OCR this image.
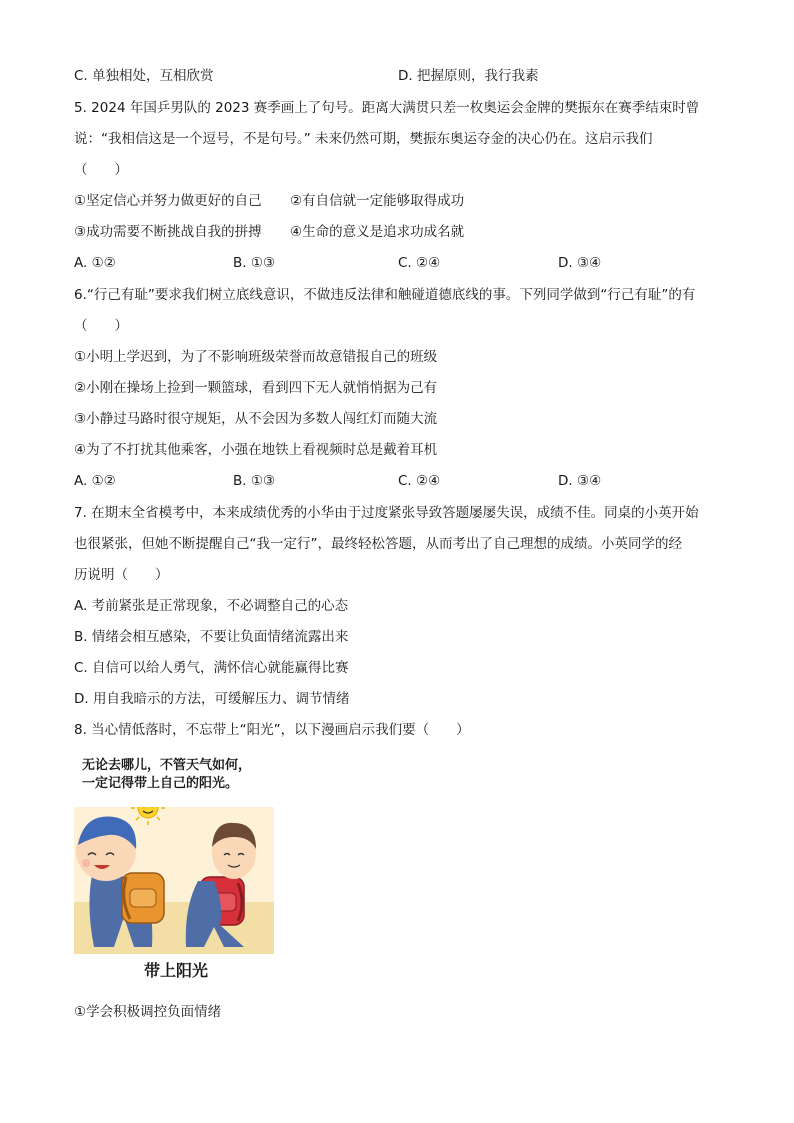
C. 单独相处，互相欣赏	D. 把握原则，我行我素
5. 2024 年国乒男队的 2023 赛季画上了句号。距离大满贯只差一枚奥运会金牌的樊振东在赛季结束时曾
说：“我相信这是一个逗号，不是句号。” 未来仍然可期，樊振东奥运夺金的决心仍在。这启示我们
（　　）
①坚定信心并努力做更好的自己 ②有自信就一定能够取得成功
③成功需要不断挑战自我的拼搏 ④生命的意义是追求功成名就
A. ①②	B. ①③	C. ②④	D. ③④
6.“行己有耻”要求我们树立底线意识，不做违反法律和触碰道德底线的事。下列同学做到“行己有耻”的有
（　　）
①小明上学迟到，为了不影响班级荣誉而故意错报自己的班级
②小刚在操场上捡到一颗篮球，看到四下无人就悄悄据为己有
③小静过马路时很守规矩，从不会因为多数人闯红灯而随大流
④为了不打扰其他乘客，小强在地铁上看视频时总是戴着耳机
A. ①②	B. ①③	C. ②④	D. ③④
7. 在期末全省模考中，本来成绩优秀的小华由于过度紧张导致答题屡屡失误，成绩不佳。同桌的小英开始
也很紧张，但她不断提醒自己“我一定行”，最终轻松答题，从而考出了自己理想的成绩。小英同学的经
历说明（　　）
A. 考前紧张是正常现象，不必调整自己的心态
B. 情绪会相互感染，不要让负面情绪流露出来
C. 自信可以给人勇气，满怀信心就能赢得比赛
D. 用自我暗示的方法，可缓解压力、调节情绪
8. 当心情低落时，不忘带上“阳光”，以下漫画启示我们要（　　）
无论去哪儿，不管天气如何，
一定记得带上自己的阳光。
带上阳光
①学会积极调控负面情绪
